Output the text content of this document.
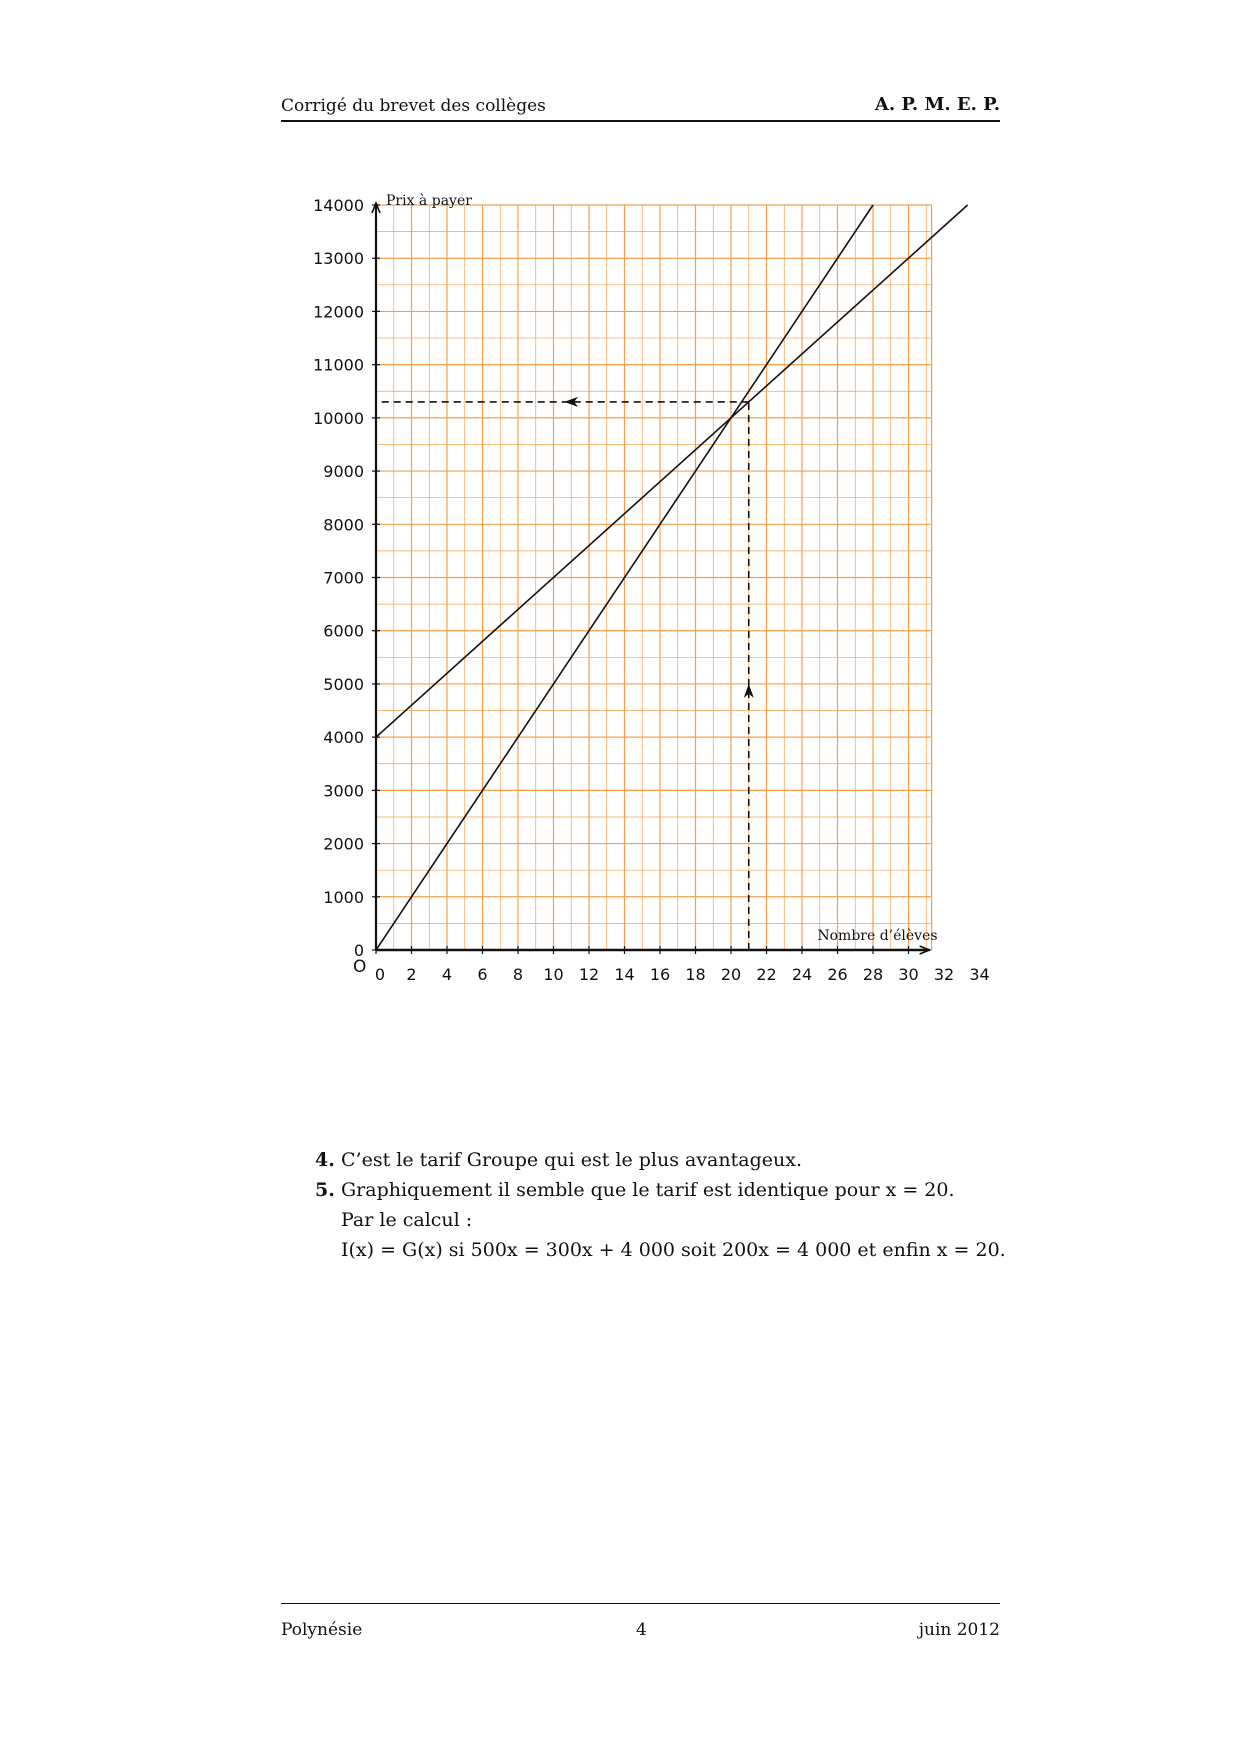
Corrigé du brevet des collèges	A. P. M. E. P.
0 2 4 6 8 10 12 14 16 18 20 22 24 26 28 30 32 34
0
1000
2000
3000
4000
5000
6000
7000
8000
9000
10000
11000
12000
13000
14000 Prix à payer
Nombre d’élèves
O
4. C’est le tarif Groupe qui est le plus avantageux.
5. Graphiquement il semble que le tarif est identique pour x = 20.
Par le calcul :
I(x) = G(x) si 500x = 300x + 4 000 soit 200x = 4 000 et enfin x = 20.
Polynésie	4	juin 2012
